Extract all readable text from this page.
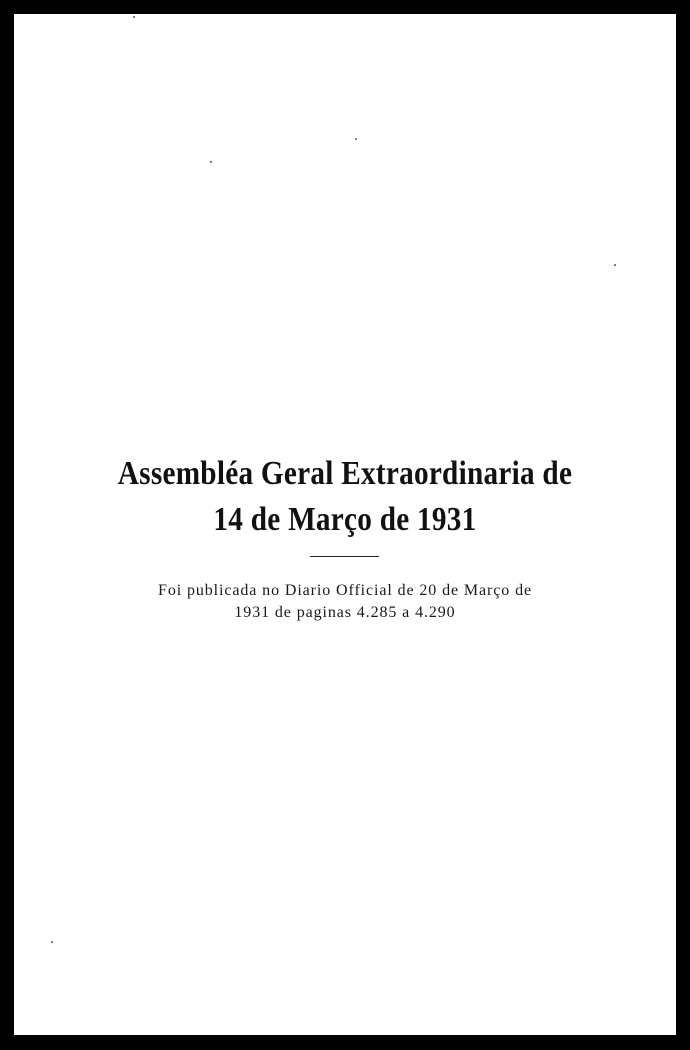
Assembléa Geral Extraordinaria de
14 de Março de 1931
Foi publicada no Diario Official de 20 de Março de
1931 de paginas 4.285 a 4.290
